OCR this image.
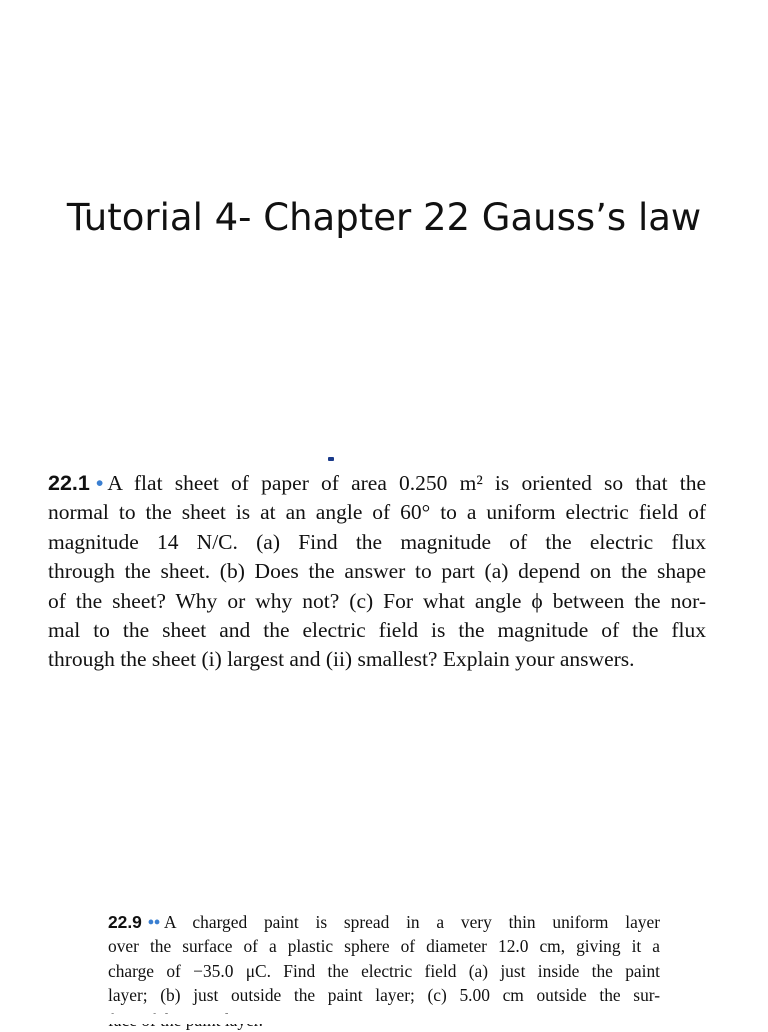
Tutorial 4- Chapter 22 Gauss’s law
22.1 • A flat sheet of paper of area 0.250 m² is oriented so that the
normal to the sheet is at an angle of 60° to a uniform electric field of
magnitude 14 N/C. (a) Find the magnitude of the electric flux
through the sheet. (b) Does the answer to part (a) depend on the shape
of the sheet? Why or why not? (c) For what angle ϕ between the nor-
mal to the sheet and the electric field is the magnitude of the flux
through the sheet (i) largest and (ii) smallest? Explain your answers.
22.9 •• A charged paint is spread in a very thin uniform layer
over the surface of a plastic sphere of diameter 12.0 cm, giving it a
charge of −35.0 μC. Find the electric field (a) just inside the paint
layer; (b) just outside the paint layer; (c) 5.00 cm outside the sur-
